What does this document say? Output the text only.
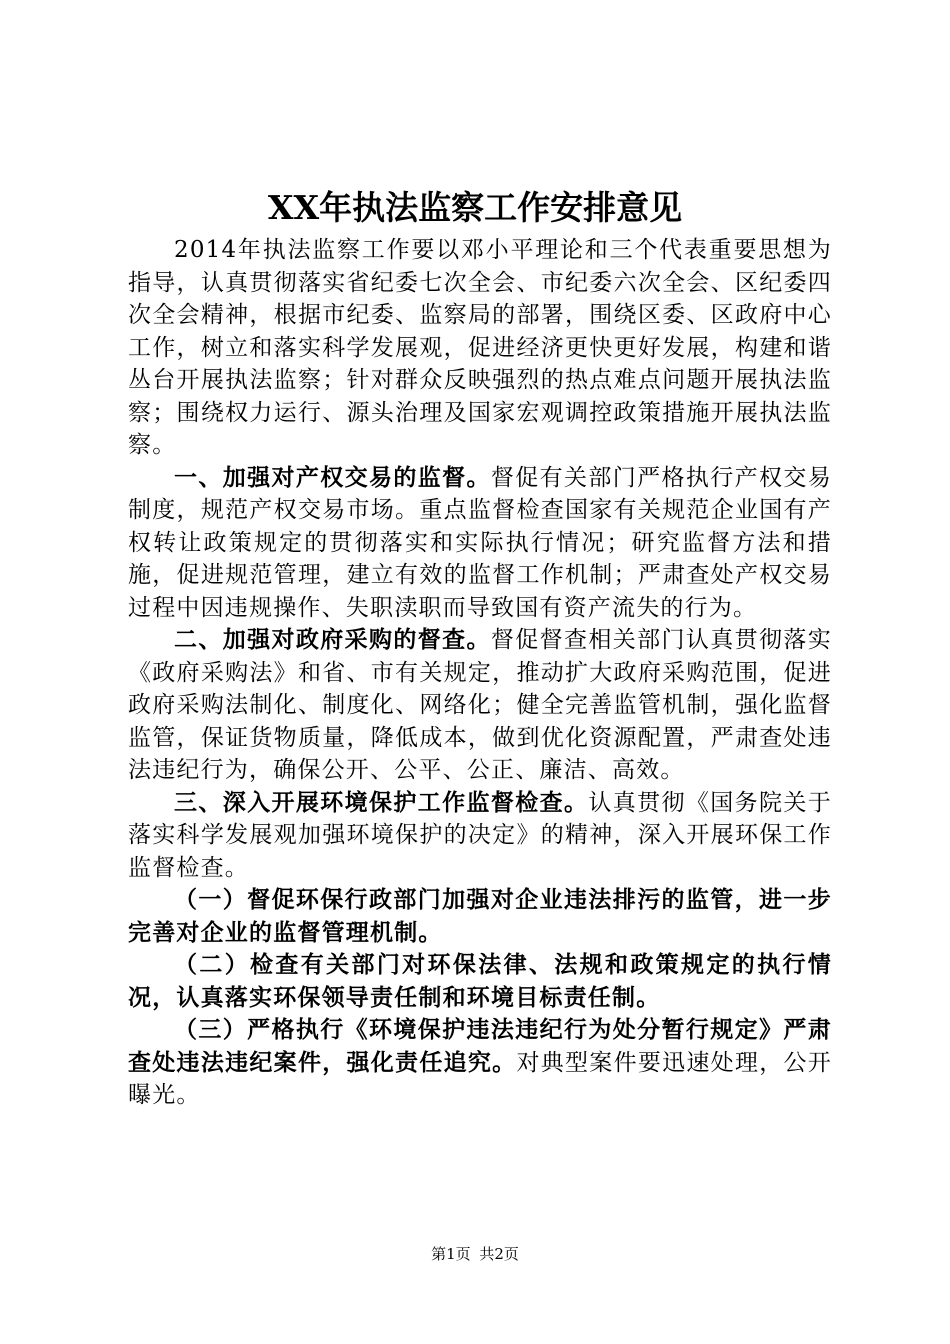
XX年执法监察工作安排意见

2014年执法监察工作要以邓小平理论和三个代表重要思想为指导，认真贯彻落实省纪委七次全会、市纪委六次全会、区纪委四次全会精神，根据市纪委、监察局的部署，围绕区委、区政府中心工作，树立和落实科学发展观，促进经济更快更好发展，构建和谐丛台开展执法监察；针对群众反映强烈的热点难点问题开展执法监察；围绕权力运行、源头治理及国家宏观调控政策措施开展执法监察。

一、加强对产权交易的监督。督促有关部门严格执行产权交易制度，规范产权交易市场。重点监督检查国家有关规范企业国有产权转让政策规定的贯彻落实和实际执行情况；研究监督方法和措施，促进规范管理，建立有效的监督工作机制；严肃查处产权交易过程中因违规操作、失职渎职而导致国有资产流失的行为。

二、加强对政府采购的督查。督促督查相关部门认真贯彻落实《政府采购法》和省、市有关规定，推动扩大政府采购范围，促进政府采购法制化、制度化、网络化；健全完善监管机制，强化监督监管，保证货物质量，降低成本，做到优化资源配置，严肃查处违法违纪行为，确保公开、公平、公正、廉洁、高效。

三、深入开展环境保护工作监督检查。认真贯彻《国务院关于落实科学发展观加强环境保护的决定》的精神，深入开展环保工作监督检查。

（一）督促环保行政部门加强对企业违法排污的监管，进一步完善对企业的监督管理机制。

（二）检查有关部门对环保法律、法规和政策规定的执行情况，认真落实环保领导责任制和环境目标责任制。

（三）严格执行《环境保护违法违纪行为处分暂行规定》严肃查处违法违纪案件，强化责任追究。对典型案件要迅速处理，公开曝光。

第1页 共2页
